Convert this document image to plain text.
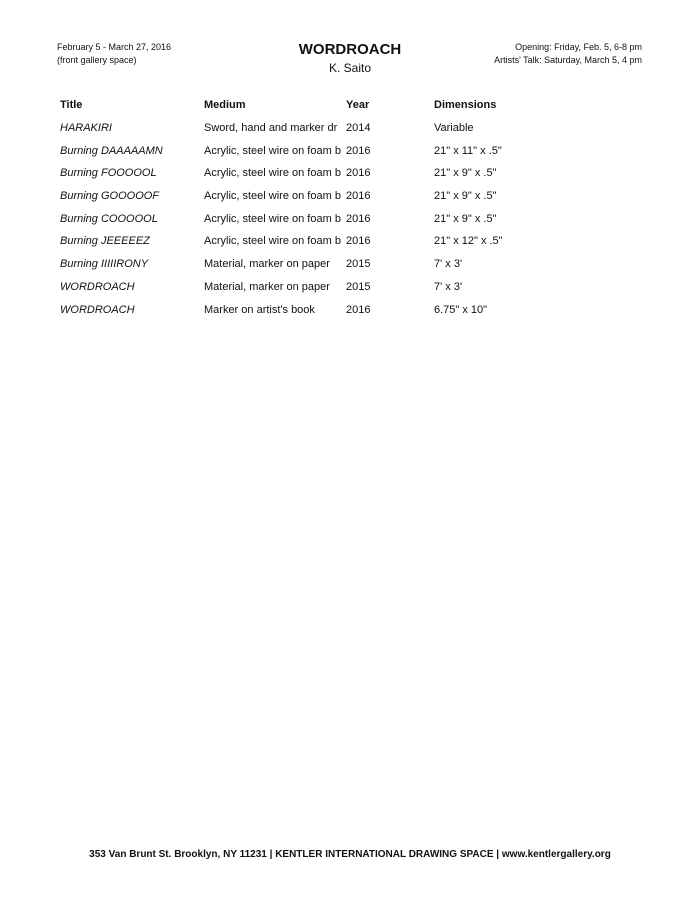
February 5 - March 27, 2016
(front gallery space)
WORDROACH
K. Saito
Opening: Friday, Feb. 5, 6-8 pm
Artists' Talk: Saturday, March 5, 4 pm
Title	Medium	Year	Dimensions
HARAKIRI	Sword, hand and marker dr	2014	Variable
Burning DAAAAAMN	Acrylic, steel wire on foam b	2016	21" x 11" x .5"
Burning FOOOOOL	Acrylic, steel wire on foam b	2016	21" x 9" x .5"
Burning GOOOOOF	Acrylic, steel wire on foam b	2016	21" x 9" x .5"
Burning COOOOOL	Acrylic, steel wire on foam b	2016	21" x 9" x .5"
Burning JEEEEEZ	Acrylic, steel wire on foam b	2016	21" x 12" x .5"
Burning IIIIIRONY	Material, marker on paper	2015	7' x 3'
WORDROACH	Material, marker on paper	2015	7' x 3'
WORDROACH	Marker on artist's book	2016	6.75" x 10"
353 Van Brunt St. Brooklyn, NY 11231 | KENTLER INTERNATIONAL DRAWING SPACE | www.kentlergallery.org
